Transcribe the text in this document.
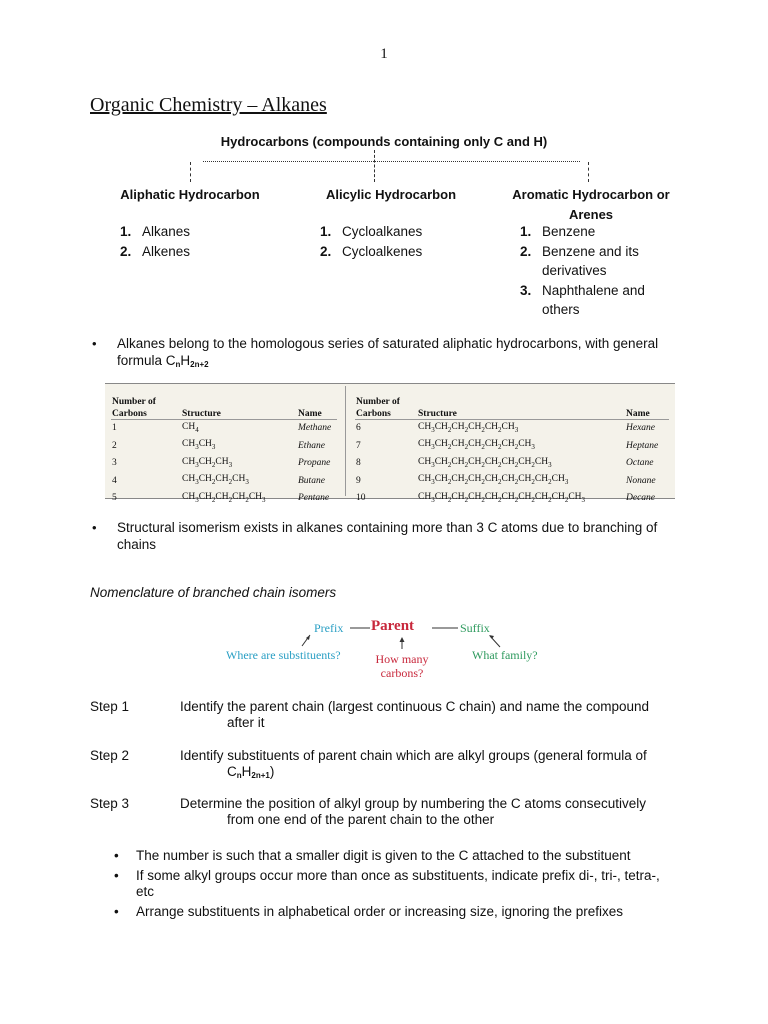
1
Organic Chemistry – Alkanes
Hydrocarbons (compounds containing only C and H)
Aliphatic Hydrocarbon	Alicylic Hydrocarbon	Aromatic Hydrocarbon or Arenes
1. Alkanes
2. Alkenes
1. Cycloalkanes
2. Cycloalkenes
1. Benzene
2. Benzene and its derivatives
3. Naphthalene and others
• Alkanes belong to the homologous series of saturated aliphatic hydrocarbons, with general formula $C_nH_{2n+2}$
Number of Carbons	Structure	Name
1	$CH_4$	Methane
2	$CH_3CH_3$	Ethane
3	$CH_3CH_2CH_3$	Propane
4	$CH_3CH_2CH_2CH_3$	Butane
5	$CH_3CH_2CH_2CH_2CH_3$	Pentane
Number of Carbons	Structure	Name
6	$CH_3CH_2CH_2CH_2CH_2CH_3$	Hexane
7	$CH_3CH_2CH_2CH_2CH_2CH_2CH_3$	Heptane
8	$CH_3CH_2CH_2CH_2CH_2CH_2CH_2CH_3$	Octane
9	$CH_3CH_2CH_2CH_2CH_2CH_2CH_2CH_2CH_3$	Nonane
10	$CH_3CH_2CH_2CH_2CH_2CH_2CH_2CH_2CH_2CH_3$	Decane
• Structural isomerism exists in alkanes containing more than 3 C atoms due to branching of chains
Nomenclature of branched chain isomers
Prefix Parent	Suffix
Where are substituents?	How many carbons?
What family?
Step 1	Identify the parent chain (largest continuous C chain) and name the compound
after it
Step 2	Identify substituents of parent chain which are alkyl groups (general formula of
$C_nH_{2n+1}$)
Step 3	Determine the position of alkyl group by numbering the C atoms consecutively
from one end of the parent chain to the other
• The number is such that a smaller digit is given to the C attached to the substituent
• If some alkyl groups occur more than once as substituents, indicate prefix di-, tri-, tetra-, etc
• Arrange substituents in alphabetical order or increasing size, ignoring the prefixes
